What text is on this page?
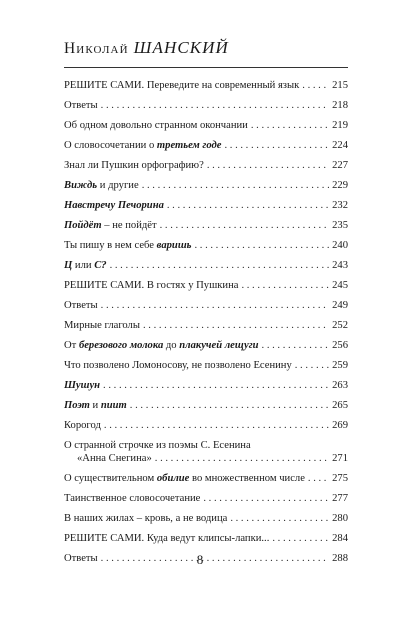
Николай ШАНСКИЙ
РЕШИТЕ САМИ. Переведите на современный язык . . .	215
Ответы . . .	218
Об одном довольно странном окончании . . .	219
О словосочетании о третьем годе . . .	224
Знал ли Пушкин орфографию? . . .	227
Виждь и другие . . .	229
Навстречу Печорина . . .	232
Пойдёт – не пойдёт . . .	235
Ты пишу в нем себе варишь . . .	240
Ц или С? . . .	243
РЕШИТЕ САМИ. В гостях у Пушкина . . .	245
Ответы . . .	249
Мирные глаголы . . .	252
От березового молока до плакучей лещуги . . .	256
Что позволено Ломоносову, не позволено Есенину . . .	259
Шушун . . .	263
Поэт и пиит . . .	265
Корогод . . .	269
О странной строчке из поэмы С. Есенина
«Анна Снегина» . . .	271
О существительном обилие во множественном числе . . .	275
Таинственное словосочетание . . .	277
В наших жилах – кровь, а не водица . . .	280
РЕШИТЕ САМИ. Куда ведут клипсы-лапки... . . .	284
Ответы . . .	288
8
